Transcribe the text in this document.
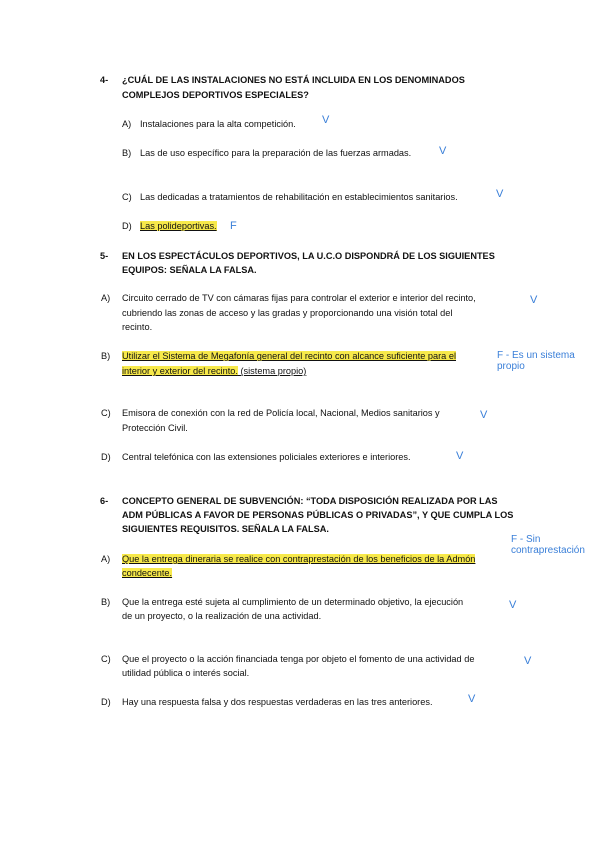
4- ¿CUÁL DE LAS INSTALACIONES NO ESTÁ INCLUIDA EN LOS DENOMINADOS
COMPLEJOS DEPORTIVOS ESPECIALES?
A) Instalaciones para la alta competición. V
B) Las de uso específico para la preparación de las fuerzas armadas.	V
C) Las dedicadas a tratamientos de rehabilitación en establecimientos sanitarios.	V
D) Las polideportivas. F
5- EN LOS ESPECTÁCULOS DEPORTIVOS, LA U.C.O DISPONDRÁ DE LOS SIGUIENTES
EQUIPOS: SEÑALA LA FALSA.
A) Circuito cerrado de TV con cámaras fijas para controlar el exterior e interior del recinto,
cubriendo las zonas de acceso y las gradas y proporcionando una visión total del
recinto.
V
B) Utilizar el Sistema de Megafonía general del recinto con alcance suficiente para el
interior y exterior del recinto. (sistema propio)
F - Es un sistema propio
C) Emisora de conexión con la red de Policía local, Nacional, Medios sanitarios y
Protección Civil.
V
D) Central telefónica con las extensiones policiales exteriores e interiores.	V
6- CONCEPTO GENERAL DE SUBVENCIÓN: “TODA DISPOSICIÓN REALIZADA POR LAS
ADM PÚBLICAS A FAVOR DE PERSONAS PÚBLICAS O PRIVADAS”, Y QUE CUMPLA LOS
SIGUIENTES REQUISITOS. SEÑALA LA FALSA.
F - Sin contraprestación
A) Que la entrega dineraria se realice con contraprestación de los beneficios de la Admón
condecente.
B) Que la entrega esté sujeta al cumplimiento de un determinado objetivo, la ejecución
de un proyecto, o la realización de una actividad.
V
C) Que el proyecto o la acción financiada tenga por objeto el fomento de una actividad de
utilidad pública o interés social.
V
D) Hay una respuesta falsa y dos respuestas verdaderas en las tres anteriores.	V
